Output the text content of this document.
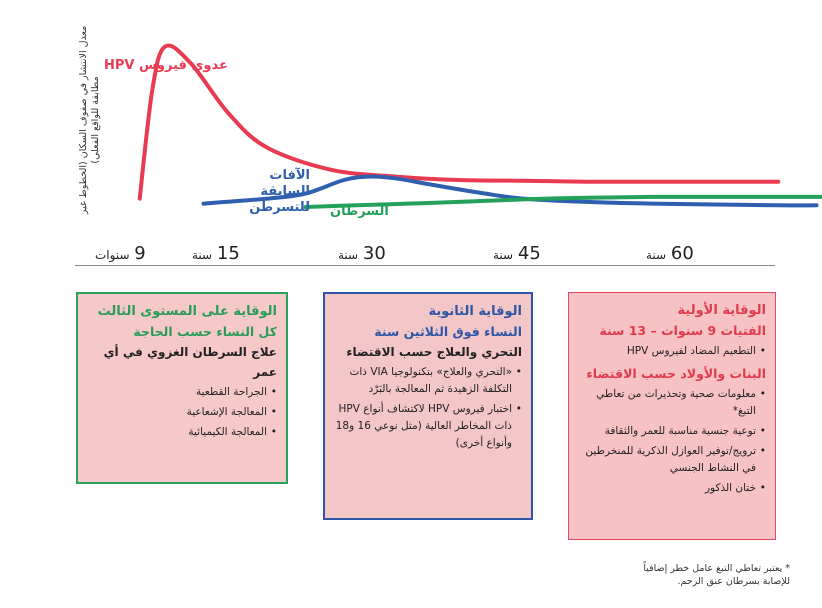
معدل الانتشار في صفوف السكان (الخطوط غير مطابقة للواقع الفعلي)
عدوى فيروس HPV
الآفات السابقة للتسرطن السرطان
9 سنوات	15 سنة	30 سنة	45 سنة	60 سنة
الوقاية الأولية
الفتيات 9 سنوات – 13 سنة
• التطعيم المضاد لفيروس HPV
البنات والأولاد حسب الاقتضاء
• معلومات صحية وتحذيرات من تعاطي التبغ*
• توعية جنسية مناسبة للعمر والثقافة
• ترويج/توفير العوازل الذكرية للمنخرطين في النشاط الجنسي
• ختان الذكور
الوقاية الثانوية
النساء فوق الثلاثين سنة
التحري والعلاج حسب الاقتضاء
• «التحري والعلاج» بتكنولوجيا VIA ذات التكلفة الزهيدة ثم المعالجة بالبَرْد
• اختبار فيروس HPV لاكتشاف أنواع HPV ذات المخاطر العالية (مثل نوعي 16 و18 وأنواع أخرى)
الوقاية على المستوى الثالث
كل النساء حسب الحاجة
علاج السرطان الغزوي في أي عمر
• الجراحة القطعية
• المعالجة الإشعاعية
• المعالجة الكيميائية
* يعتبر تعاطي التبغ عامل خطر إضافياً للإصابة بسرطان عنق الرحم.
